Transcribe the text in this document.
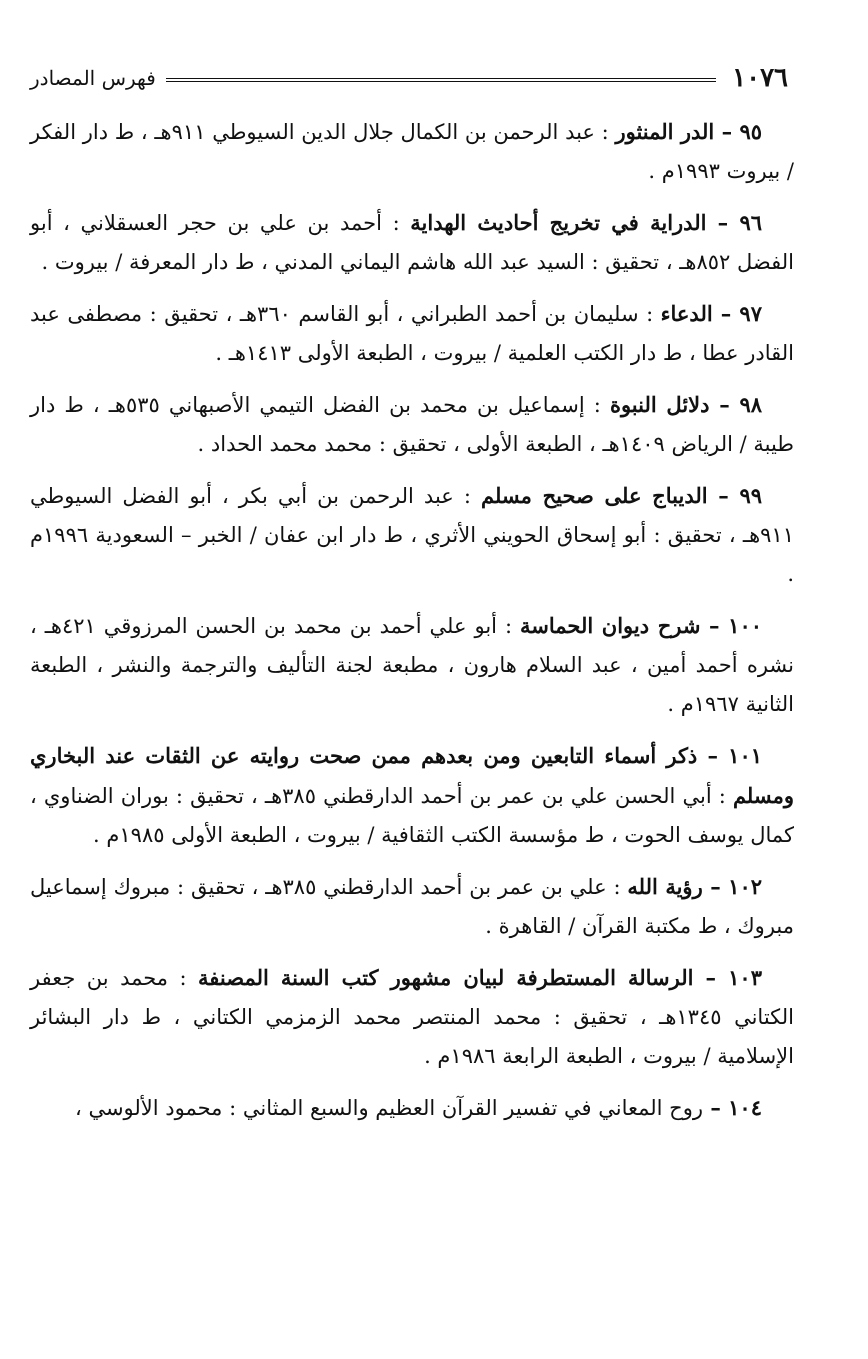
١٠٧٦
فهرس المصادر

٩٥ – الدر المنثور : عبد الرحمن بن الكمال جلال الدين السيوطي ٩١١هـ ، ط دار الفكر / بيروت ١٩٩٣م .

٩٦ – الدراية في تخريج أحاديث الهداية : أحمد بن علي بن حجر العسقلاني ، أبو الفضل ٨٥٢هـ ، تحقيق : السيد عبد الله هاشم اليماني المدني ، ط دار المعرفة / بيروت .

٩٧ – الدعاء : سليمان بن أحمد الطبراني ، أبو القاسم ٣٦٠هـ ، تحقيق : مصطفى عبد القادر عطا ، ط دار الكتب العلمية / بيروت ، الطبعة الأولى ١٤١٣هـ .

٩٨ – دلائل النبوة : إسماعيل بن محمد بن الفضل التيمي الأصبهاني ٥٣٥هـ ، ط دار طيبة / الرياض ١٤٠٩هـ ، الطبعة الأولى ، تحقيق : محمد محمد الحداد .

٩٩ – الديباج على صحيح مسلم : عبد الرحمن بن أبي بكر ، أبو الفضل السيوطي ٩١١هـ ، تحقيق : أبو إسحاق الحويني الأثري ، ط دار ابن عفان / الخبر – السعودية ١٩٩٦م .

١٠٠ – شرح ديوان الحماسة : أبو علي أحمد بن محمد بن الحسن المرزوقي ٤٢١هـ ، نشره أحمد أمين ، عبد السلام هارون ، مطبعة لجنة التأليف والترجمة والنشر ، الطبعة الثانية ١٩٦٧م .

١٠١ – ذكر أسماء التابعين ومن بعدهم ممن صحت روايته عن الثقات عند البخاري ومسلم : أبي الحسن علي بن عمر بن أحمد الدارقطني ٣٨٥هـ ، تحقيق : بوران الضناوي ، كمال يوسف الحوت ، ط مؤسسة الكتب الثقافية / بيروت ، الطبعة الأولى ١٩٨٥م .

١٠٢ – رؤية الله : علي بن عمر بن أحمد الدارقطني ٣٨٥هـ ، تحقيق : مبروك إسماعيل مبروك ، ط مكتبة القرآن / القاهرة .

١٠٣ – الرسالة المستطرفة لبيان مشهور كتب السنة المصنفة : محمد بن جعفر الكتاني ١٣٤٥هـ ، تحقيق : محمد المنتصر محمد الزمزمي الكتاني ، ط دار البشائر الإسلامية / بيروت ، الطبعة الرابعة ١٩٨٦م .

١٠٤ – روح المعاني في تفسير القرآن العظيم والسبع المثاني : محمود الألوسي ،
